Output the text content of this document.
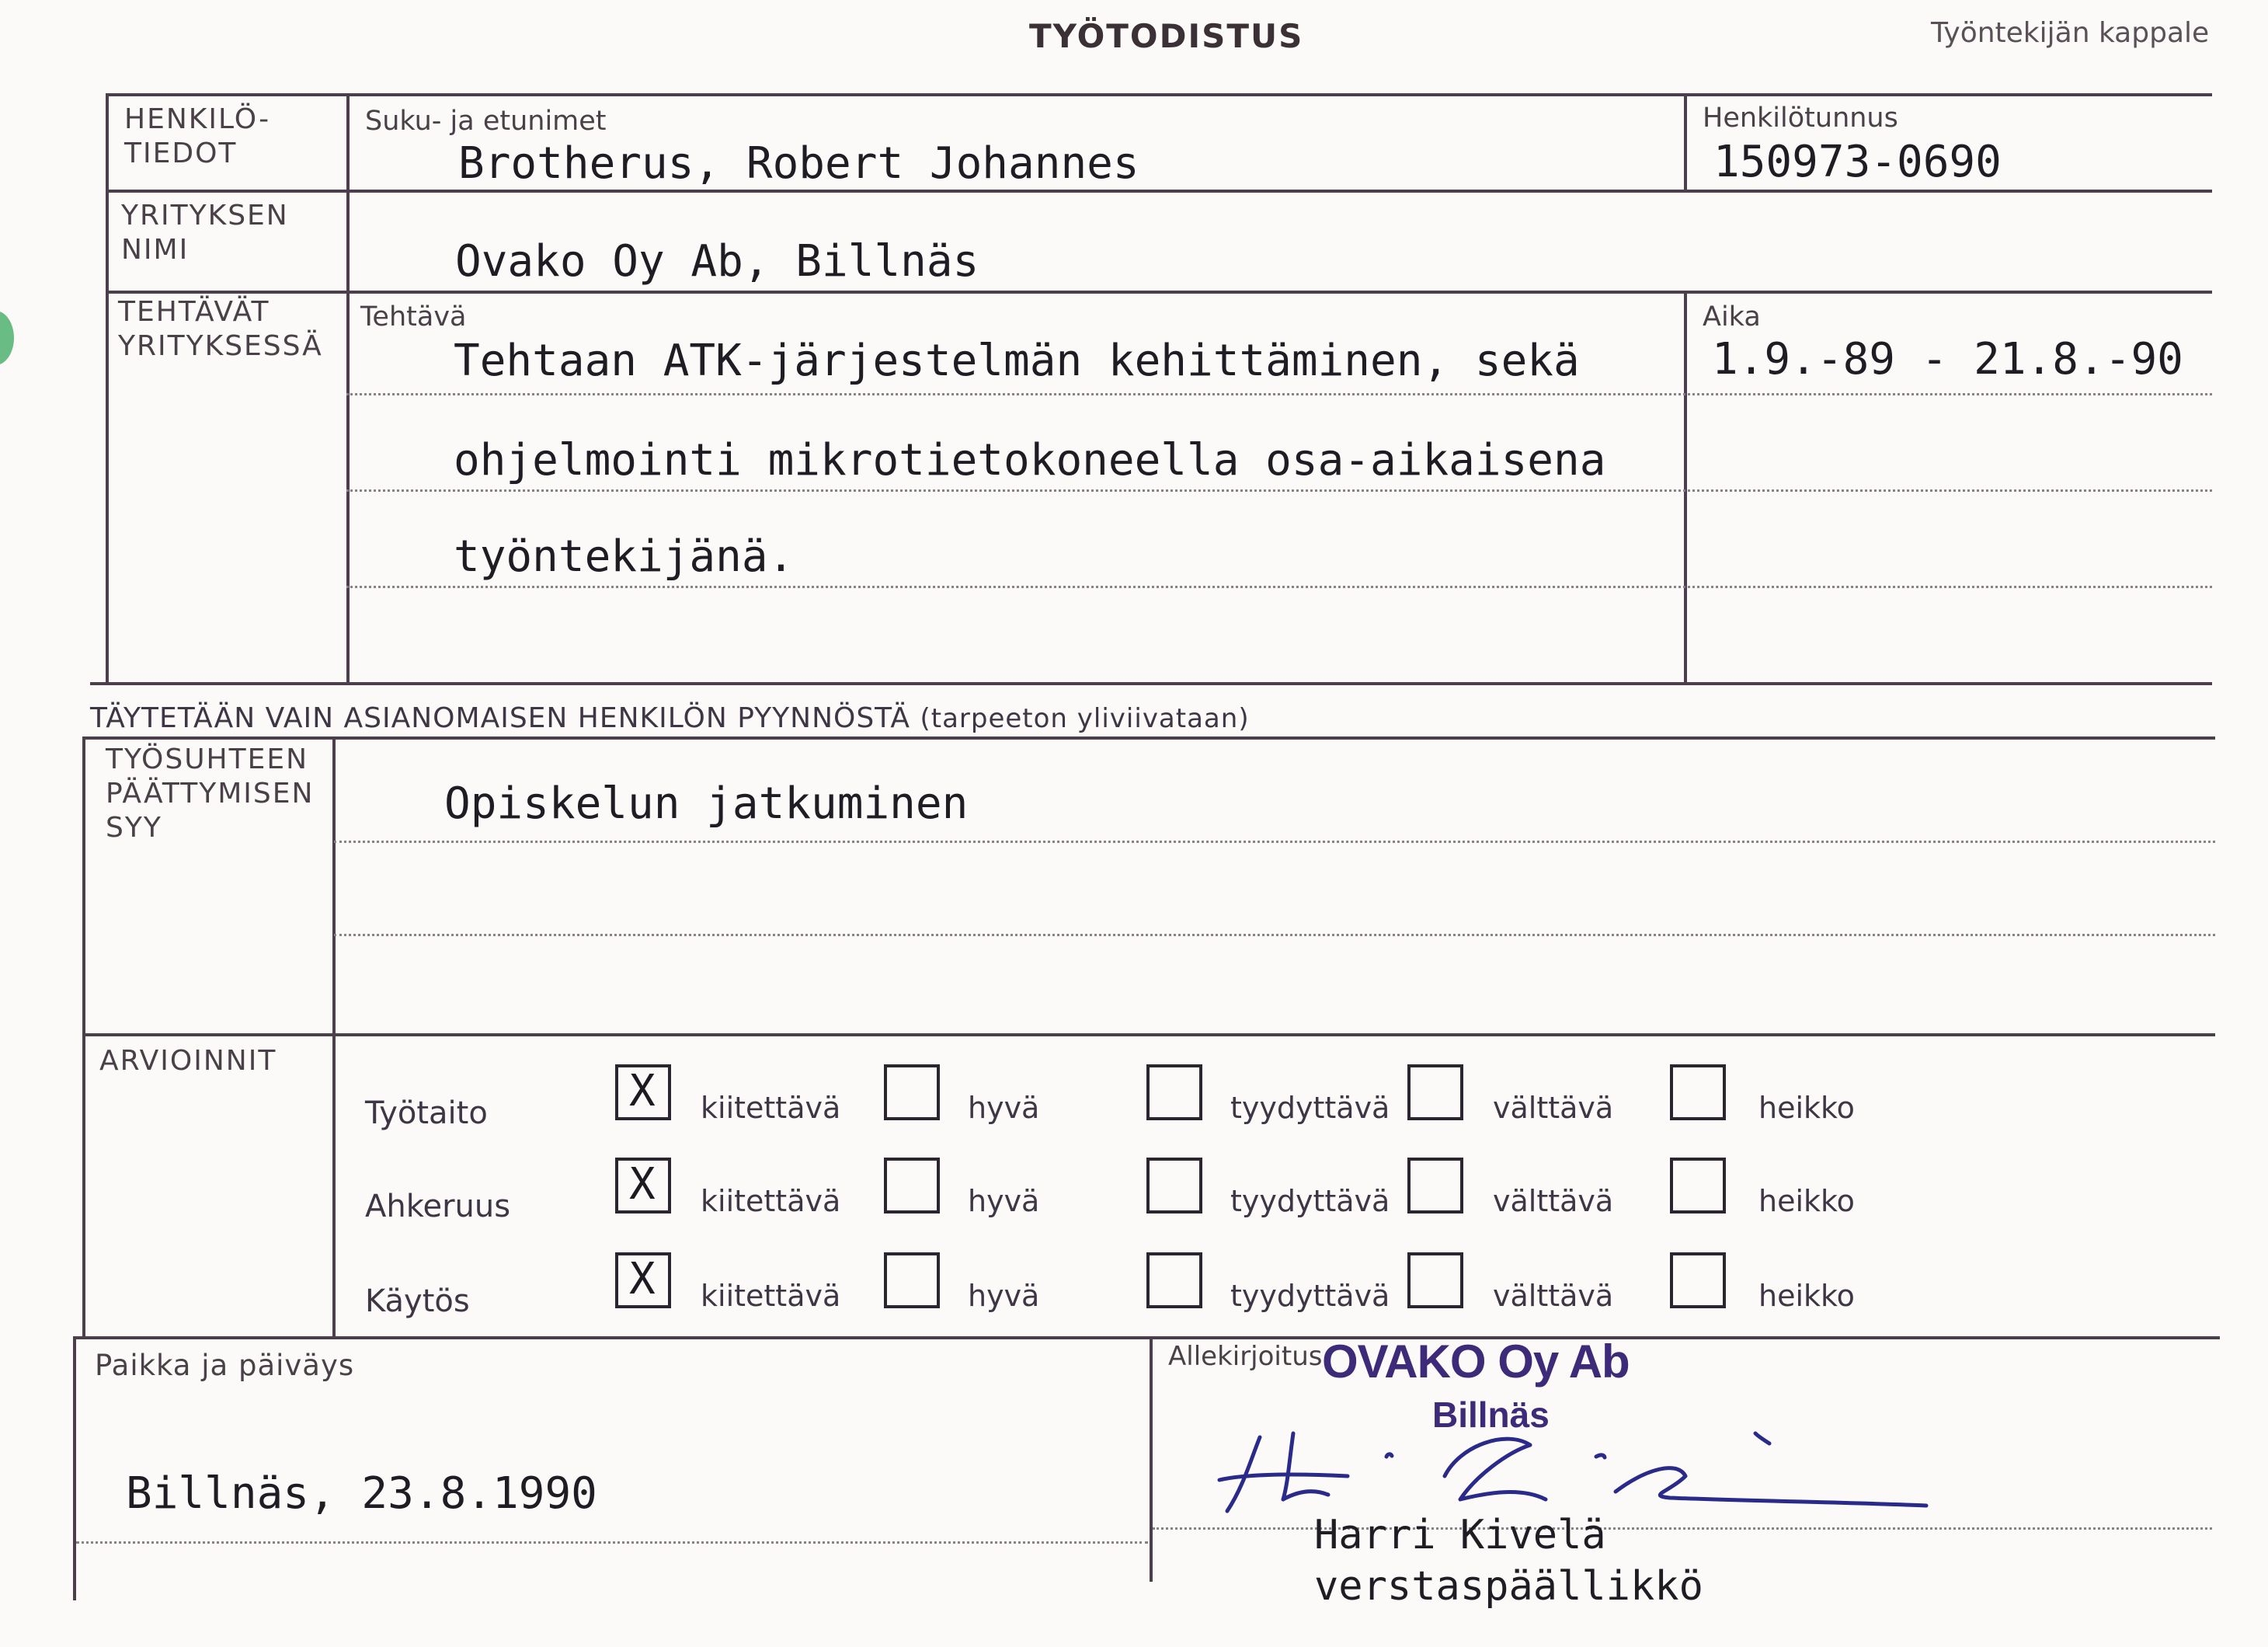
TYÖTODISTUS	Työntekijän kappale
HENKILÖ-
TIEDOT
Suku- ja etunimet
Brotherus, Robert Johannes
Henkilötunnus
150973-0690
YRITYKSEN
NIMI	Ovako Oy Ab, Billnäs
TEHTÄVÄT
YRITYKSESSÄ
Tehtävä
Tehtaan ATK-järjestelmän kehittäminen, sekä
ohjelmointi mikrotietokoneella osa-aikaisena
työntekijänä.
Aika
1.9.-89 - 21.8.-90
TÄYTETÄÄN VAIN ASIANOMAISEN HENKILÖN PYYNNÖSTÄ (tarpeeton yliviivataan)
TYÖSUHTEEN
PÄÄTTYMISEN
SYY	Opiskelun jatkuminen
ARVIOINNIT
Työtaito	X kiitettävä	hyvä	tyydyttävä	välttävä	heikko
Ahkeruus	X kiitettävä	hyvä	tyydyttävä	välttävä	heikko
Käytös	X kiitettävä	hyvä	tyydyttävä	välttävä	heikko
Paikka ja päiväys
Billnäs, 23.8.1990
Allekirjoitus OVAKO Oy Ab
Billnäs
Harri Kivelä
verstaspäällikkö
